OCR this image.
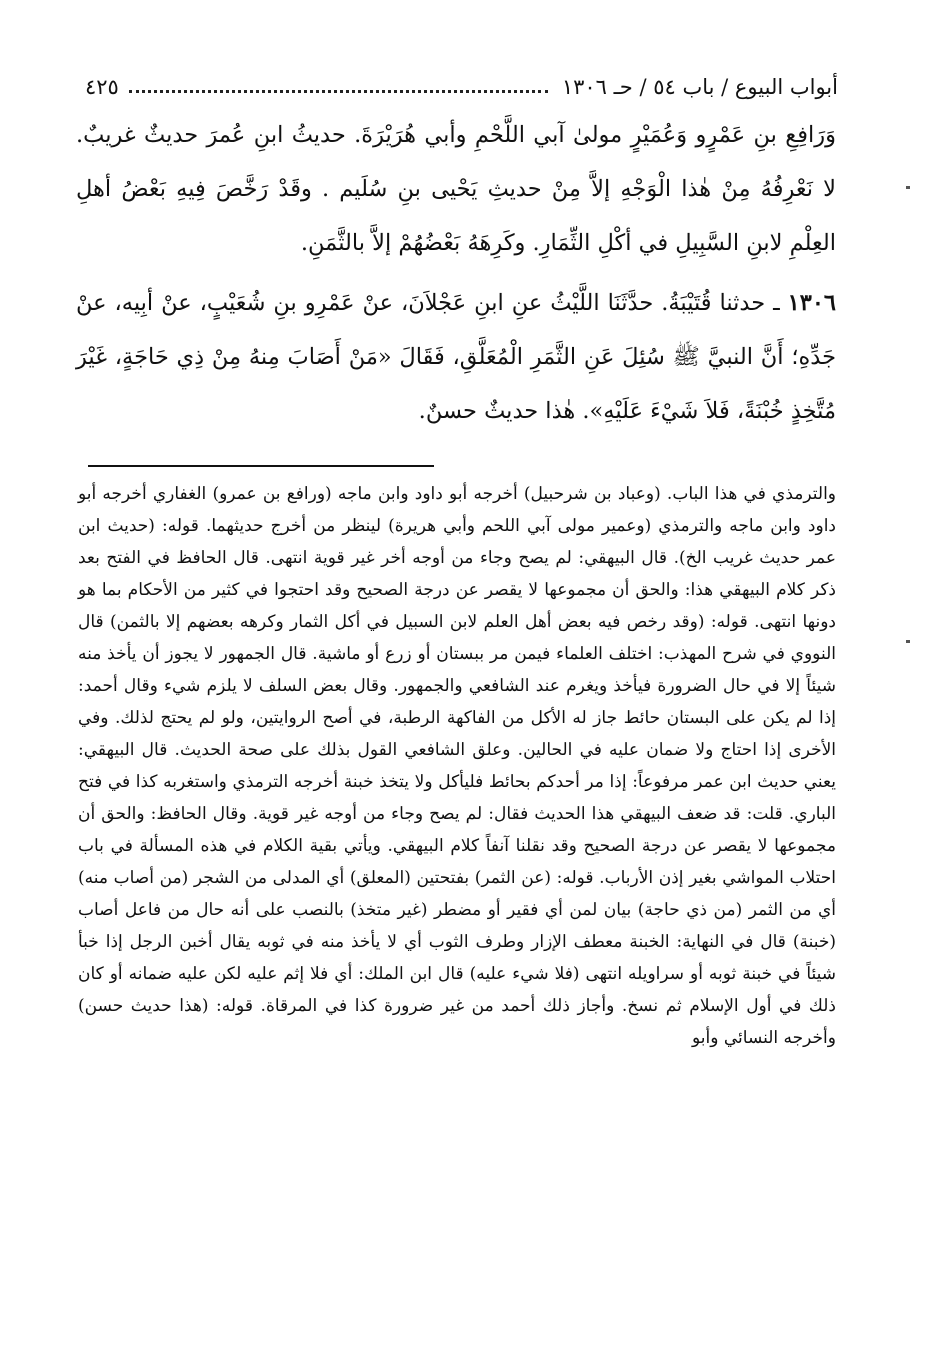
أبواب البيوع / باب ٥٤ / حـ ١٣٠٦
٤٢٥

وَرَافِعِ بنِ عَمْرٍو وَعُمَيْرٍ مولىٰ آبي اللَّحْمِ وأبي هُرَيْرَةَ. حديثُ ابنِ عُمرَ حديثٌ غريبٌ. لا نَعْرِفُهُ مِنْ هٰذا الْوَجْهِ إلاَّ مِنْ حديثِ يَحْيى بنِ سُلَيم . وقَدْ رَخَّصَ فِيهِ بَعْضُ أهلِ العِلْمِ لابنِ السَّبِيلِ في أكْلِ الثِّمَارِ. وكَرِهَهُ بَعْضُهُمْ إلاَّ بالثَّمَنِ.

١٣٠٦ ـ حدثنا قُتَيْبَةُ. حدَّثَنَا اللَّيْثُ عنِ ابنِ عَجْلاَنَ، عنْ عَمْرِو بنِ شُعَيْبٍ، عنْ أبِيه، عنْ جَدِّهِ؛ أَنَّ النبيَّ ﷺ سُئِلَ عَنِ الثَّمَرِ الْمُعَلَّقِ، فَقَالَ «مَنْ أَصَابَ مِنهُ مِنْ ذِي حَاجَةٍ، غَيْرَ مُتَّخِذٍ خُبْنَةً، فَلاَ شَيْءَ عَلَيْهِ». هٰذا حديثٌ حسنٌ.

والترمذي في هذا الباب. (وعباد بن شرحبيل) أخرجه أبو داود وابن ماجه (ورافع بن عمرو) الغفاري أخرجه أبو داود وابن ماجه والترمذي (وعمير مولى آبي اللحم وأبي هريرة) لينظر من أخرج حديثهما. قوله: (حديث ابن عمر حديث غريب الخ). قال البيهقي: لم يصح وجاء من أوجه أخر غير قوية انتهى. قال الحافظ في الفتح بعد ذكر كلام البيهقي هذا: والحق أن مجموعها لا يقصر عن درجة الصحيح وقد احتجوا في كثير من الأحكام بما هو دونها انتهى. قوله: (وقد رخص فيه بعض أهل العلم لابن السبيل في أكل الثمار وكرهه بعضهم إلا بالثمن) قال النووي في شرح المهذب: اختلف العلماء فيمن مر ببستان أو زرع أو ماشية. قال الجمهور لا يجوز أن يأخذ منه شيئاً إلا في حال الضرورة فيأخذ ويغرم عند الشافعي والجمهور. وقال بعض السلف لا يلزم شيء وقال أحمد: إذا لم يكن على البستان حائط جاز له الأكل من الفاكهة الرطبة، في أصح الروايتين، ولو لم يحتج لذلك. وفي الأخرى إذا احتاج ولا ضمان عليه في الحالين. وعلق الشافعي القول بذلك على صحة الحديث. قال البيهقي: يعني حديث ابن عمر مرفوعاً: إذا مر أحدكم بحائط فليأكل ولا يتخذ خبنة أخرجه الترمذي واستغربه كذا في فتح الباري. قلت: قد ضعف البيهقي هذا الحديث فقال: لم يصح وجاء من أوجه غير قوية. وقال الحافظ: والحق أن مجموعها لا يقصر عن درجة الصحيح وقد نقلنا آنفاً كلام البيهقي. ويأتي بقية الكلام في هذه المسألة في باب احتلاب المواشي بغير إذن الأرباب. قوله: (عن الثمر) بفتحتين (المعلق) أي المدلى من الشجر (من أصاب منه) أي من الثمر (من ذي حاجة) بيان لمن أي فقير أو مضطر (غير متخذ) بالنصب على أنه حال من فاعل أصاب (خبنة) قال في النهاية: الخبنة معطف الإزار وطرف الثوب أي لا يأخذ منه في ثوبه يقال أخبن الرجل إذا خبأ شيئاً في خبنة ثوبه أو سراويله انتهى (فلا شيء عليه) قال ابن الملك: أي فلا إثم عليه لكن عليه ضمانه أو كان ذلك في أول الإسلام ثم نسخ. وأجاز ذلك أحمد من غير ضرورة كذا في المرقاة. قوله: (هذا حديث حسن) وأخرجه النسائي وأبو
